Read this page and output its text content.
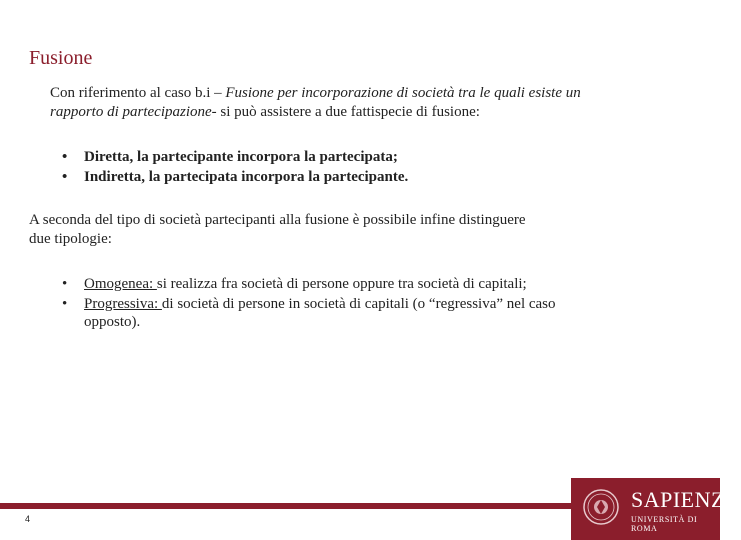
Fusione
Con riferimento al caso b.i – Fusione per incorporazione di società tra le quali esiste un rapporto di partecipazione- si può assistere a due fattispecie di fusione:
•	Diretta, la partecipante incorpora la partecipata;
•	Indiretta, la partecipata incorpora la partecipante.
A seconda del tipo di società partecipanti alla fusione è possibile infine distinguere due tipologie:
•	Omogenea: si realizza fra società di persone oppure tra società di capitali;
•	Progressiva: di società di persone in società di capitali (o “regressiva” nel caso opposto).
4
SAPIENZA
UNIVERSITÀ DI ROMA
